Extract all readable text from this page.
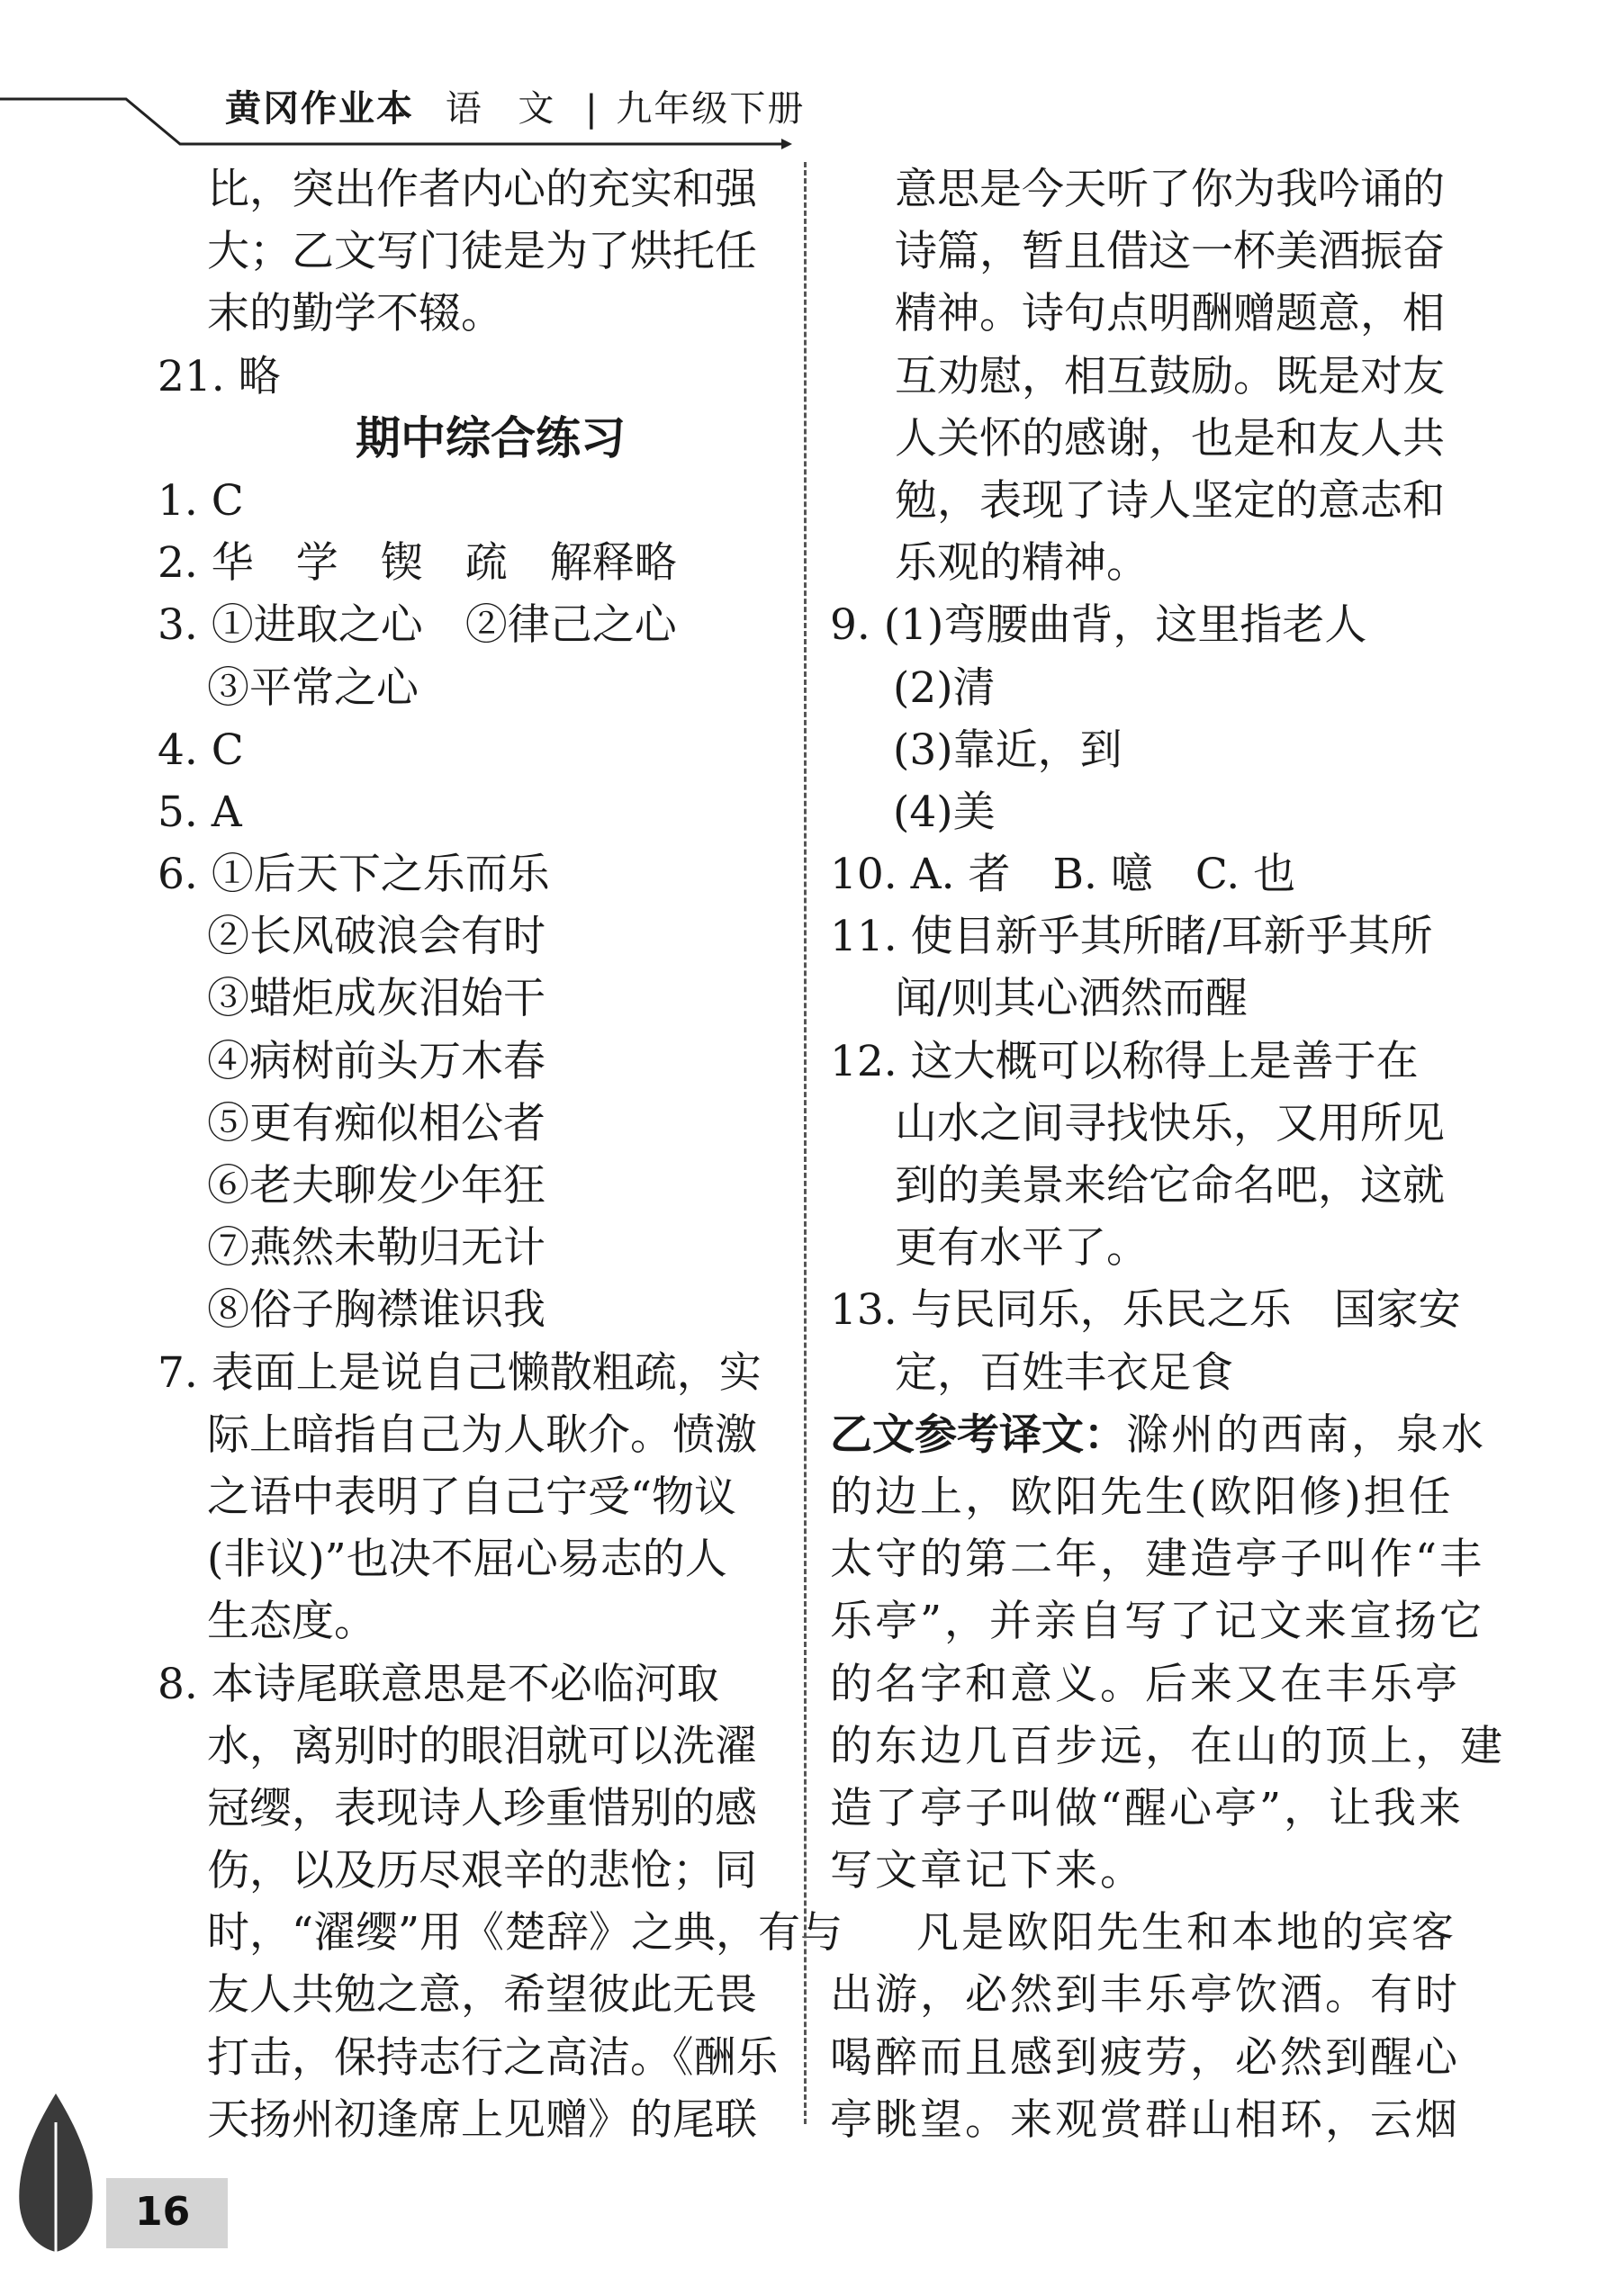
黄冈作业本 语 文 | 九年级下册
比，突出作者内心的充实和强
大；乙文写门徒是为了烘托任
末的勤学不辍。
21. 略
期中综合练习
1. C
2. 华　学　锲　疏　解释略
3. ①进取之心　②律己之心
③平常之心
4. C
5. A
6. ①后天下之乐而乐
②长风破浪会有时
③蜡炬成灰泪始干
④病树前头万木春
⑤更有痴似相公者
⑥老夫聊发少年狂
⑦燕然未勒归无计
⑧俗子胸襟谁识我
7. 表面上是说自己懒散粗疏，实
际上暗指自己为人耿介。愤激
之语中表明了自己宁受“物议
(非议)”也决不屈心易志的人
生态度。
8. 本诗尾联意思是不必临河取
水，离别时的眼泪就可以洗濯
冠缨，表现诗人珍重惜别的感
伤，以及历尽艰辛的悲怆；同
时，“濯缨”用《楚辞》之典，有与
友人共勉之意，希望彼此无畏
打击，保持志行之高洁。《酬乐
天扬州初逢席上见赠》的尾联
意思是今天听了你为我吟诵的
诗篇，暂且借这一杯美酒振奋
精神。诗句点明酬赠题意，相
互劝慰，相互鼓励。既是对友
人关怀的感谢，也是和友人共
勉，表现了诗人坚定的意志和
乐观的精神。
9. (1)弯腰曲背，这里指老人
(2)清
(3)靠近，到
(4)美
10. A. 者　B. 噫　C. 也
11. 使目新乎其所睹/耳新乎其所
闻/则其心洒然而醒
12. 这大概可以称得上是善于在
山水之间寻找快乐，又用所见
到的美景来给它命名吧，这就
更有水平了。
13. 与民同乐，乐民之乐　国家安
定，百姓丰衣足食
乙文参考译文：滁州的西南，泉水
的边上，欧阳先生(欧阳修)担任
太守的第二年，建造亭子叫作“丰
乐亭”，并亲自写了记文来宣扬它
的名字和意义。后来又在丰乐亭
的东边几百步远，在山的顶上，建
造了亭子叫做“醒心亭”，让我来
写文章记下来。
凡是欧阳先生和本地的宾客
出游，必然到丰乐亭饮酒。有时
喝醉而且感到疲劳，必然到醒心
亭眺望。来观赏群山相环，云烟
16
